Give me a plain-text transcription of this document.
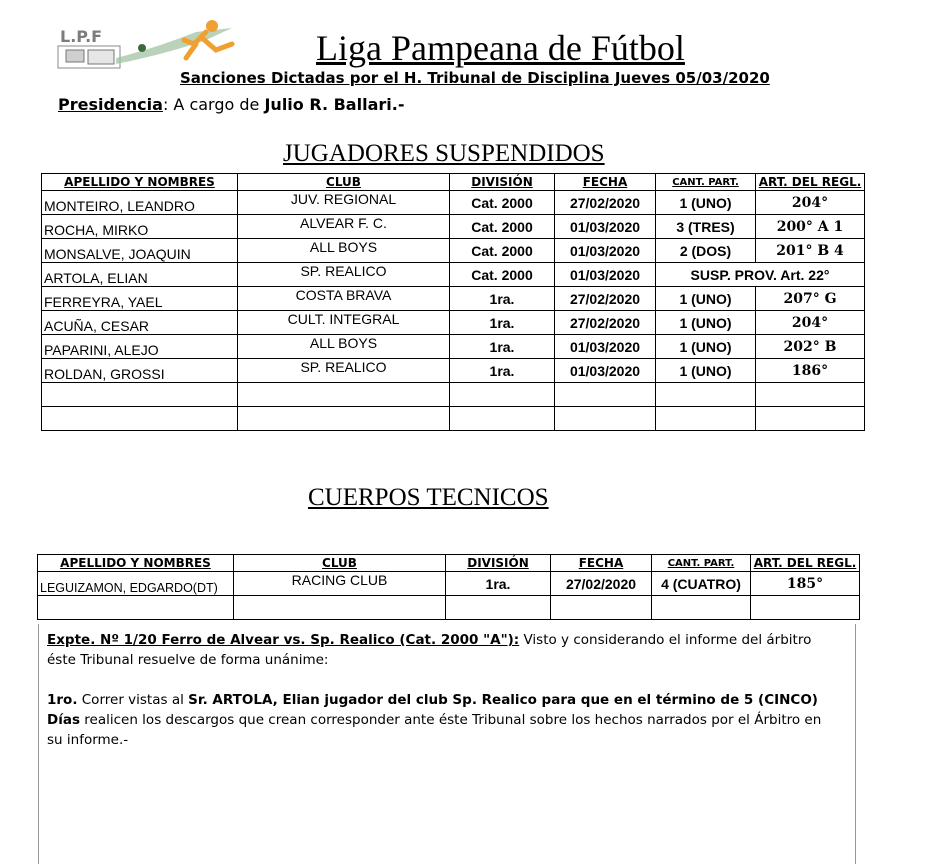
L.P.F	Liga Pampeana de Fútbol
Sanciones Dictadas por el H. Tribunal de Disciplina Jueves 05/03/2020
Presidencia: A cargo de Julio R. Ballari.-
JUGADORES SUSPENDIDOS
APELLIDO Y NOMBRES	CLUB	DIVISIÓN	FECHA	CANT. PART.	ART. DEL REGL.
MONTEIRO, LEANDRO	JUV. REGIONAL	Cat. 2000	27/02/2020	1 (UNO)	204°
ROCHA, MIRKO	ALVEAR F. C.	Cat. 2000	01/03/2020	3 (TRES)	200° A 1
MONSALVE, JOAQUIN	ALL BOYS	Cat. 2000	01/03/2020	2 (DOS)	201° B 4
ARTOLA, ELIAN	SP. REALICO	Cat. 2000	01/03/2020	SUSP. PROV. Art. 22°	
FERREYRA, YAEL	COSTA BRAVA	1ra.	27/02/2020	1 (UNO)	207° G
ACUÑA, CESAR	CULT. INTEGRAL	1ra.	27/02/2020	1 (UNO)	204°
PAPARINI, ALEJO	ALL BOYS	1ra.	01/03/2020	1 (UNO)	202° B
ROLDAN, GROSSI	SP. REALICO	1ra.	01/03/2020	1 (UNO)	186°

CUERPOS TECNICOS
APELLIDO Y NOMBRES	CLUB	DIVISIÓN	FECHA	CANT. PART.	ART. DEL REGL.
LEGUIZAMON, EDGARDO(DT)	RACING CLUB	1ra.	27/02/2020	4 (CUATRO)	185°

Expte. Nº 1/20 Ferro de Alvear vs. Sp. Realico (Cat. 2000 "A"): Visto y considerando el informe del árbitro éste Tribunal resuelve de forma unánime:

1ro. Correr vistas al Sr. ARTOLA, Elian jugador del club Sp. Realico para que en el término de 5 (CINCO) Días realicen los descargos que crean corresponder ante éste Tribunal sobre los hechos narrados por el Árbitro en su informe.-
